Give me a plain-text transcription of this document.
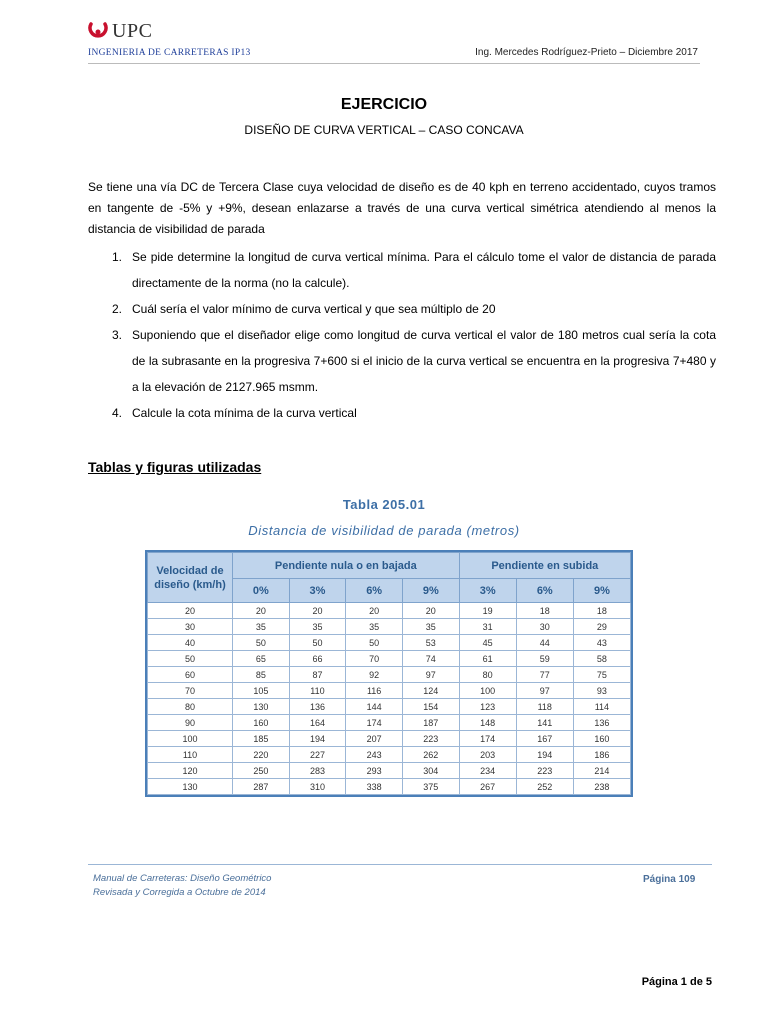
UPC
INGENIERIA DE CARRETERAS IP13	Ing. Mercedes Rodríguez-Prieto – Diciembre 2017
EJERCICIO
DISEÑO DE CURVA VERTICAL – CASO CONCAVA
Se tiene una vía DC de Tercera Clase cuya velocidad de diseño es de 40 kph en terreno accidentado, cuyos tramos en tangente de -5% y +9%, desean enlazarse a través de una curva vertical simétrica atendiendo al menos la distancia de visibilidad de parada
1. Se pide determine la longitud de curva vertical mínima. Para el cálculo tome el valor de distancia de parada directamente de la norma (no la calcule).
2. Cuál sería el valor mínimo de curva vertical y que sea múltiplo de 20
3. Suponiendo que el diseñador elige como longitud de curva vertical el valor de 180 metros cual sería la cota de la subrasante en la progresiva 7+600 si el inicio de la curva vertical se encuentra en la progresiva 7+480 y a la elevación de 2127.965 msmm.
4. Calcule la cota mínima de la curva vertical
Tablas y figuras utilizadas
Tabla 205.01
Distancia de visibilidad de parada (metros)
Velocidad de diseño (km/h)	Pendiente nula o en bajada				Pendiente en subida		
	0%	3%	6%	9%	3%	6%	9%
20	20	20	20	20	19	18	18
30	35	35	35	35	31	30	29
40	50	50	50	53	45	44	43
50	65	66	70	74	61	59	58
60	85	87	92	97	80	77	75
70	105	110	116	124	100	97	93
80	130	136	144	154	123	118	114
90	160	164	174	187	148	141	136
100	185	194	207	223	174	167	160
110	220	227	243	262	203	194	186
120	250	283	293	304	234	223	214
130	287	310	338	375	267	252	238
Manual de Carreteras: Diseño Geométrico
Revisada y Corregida a Octubre de 2014
Página 109
Página 1 de 5
